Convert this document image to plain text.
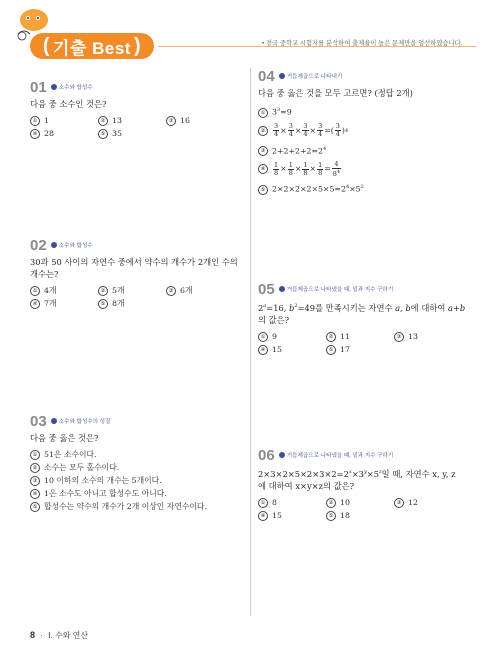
( 기출 Best )	• 전국 중학교 시험지를 분석하여 출제율이 높은 문제만을 엄선하였습니다.
01 소수와 합성수
다음 중 소수인 것은?
① 1	② 13	③ 16
④ 28	⑤ 35
02 소수와 합성수
30과 50 사이의 자연수 중에서 약수의 개수가 2개인 수의
개수는?
① 4개	② 5개	③ 6개
④ 7개	⑤ 8개
03 소수와 합성수의 성질
다음 중 옳은 것은?
① 51은 소수이다.
② 소수는 모두 홀수이다.
③ 10 이하의 소수의 개수는 5개이다.
④ 1은 소수도 아니고 합성수도 아니다.
⑤ 합성수는 약수의 개수가 2개 이상인 자연수이다.
04 거듭제곱으로 나타내기
다음 중 옳은 것을 모두 고르면? (정답 2개)
① $3^3=9$
②	$\frac{3}{4} \times \frac{3}{4} \times \frac{3}{4} \times \frac{3}{4}$ =( $\frac{3}{4}$ ) 4
③ $2+2+2+2=2^4$
④	$\frac{1}{8} \times \frac{1}{8} \times \frac{1}{8} \times \frac{1}{8} = \frac{4}{8^4}$
⑤ $2\times 2\times 2\times 2\times 5\times 5=2^4\times 5^2$
05 거듭제곱으로 나타냈을 때, 밑과 지수 구하기
$2^a=16$, $b^2=49$를 만족시키는 자연수 a, b에 대하여 a+b
의 값은?
① 9	② 11	③ 13
④ 15	⑤ 17
06 거듭제곱으로 나타냈을 때, 밑과 지수 구하기
$2\times 3\times 2\times 5\times 2\times 3\times 2=2^x\times 3^y\times 5^z$일 때, 자연수 x, y, z
에 대하여 x×y×z의 값은?
① 8	② 10	③ 12
④ 15	⑤ 18
8 · Ⅰ. 수와 연산
